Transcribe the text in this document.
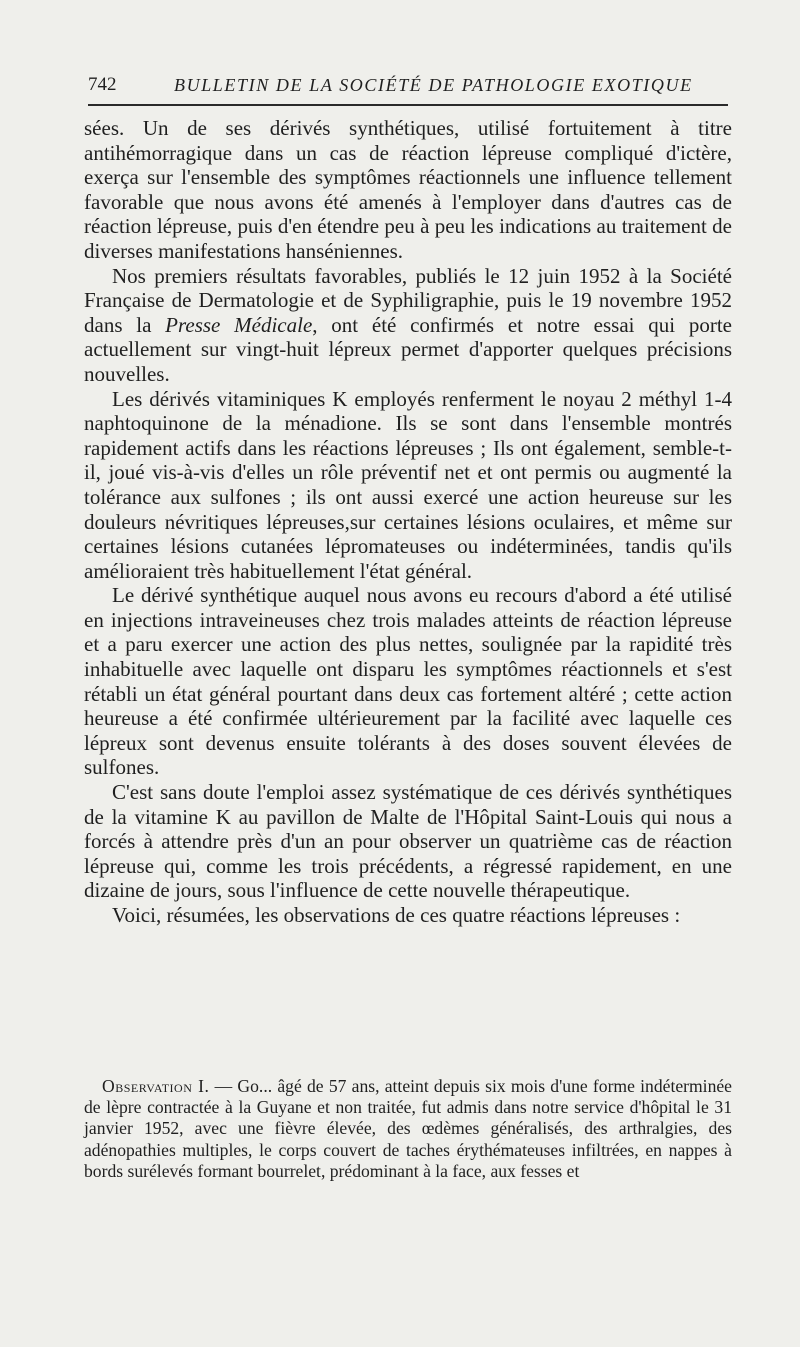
742	BULLETIN DE LA SOCIÉTÉ DE PATHOLOGIE EXOTIQUE

sées. Un de ses dérivés synthétiques, utilisé fortuitement à titre antihémorragique dans un cas de réaction lépreuse compliqué d'ictère, exerça sur l'ensemble des symptômes réactionnels une influence tellement favorable que nous avons été amenés à l'employer dans d'autres cas de réaction lépreuse, puis d'en étendre peu à peu les indications au traitement de diverses manifestations hanséniennes.

Nos premiers résultats favorables, publiés le 12 juin 1952 à la Société Française de Dermatologie et de Syphiligraphie, puis le 19 novembre 1952 dans la Presse Médicale, ont été confirmés et notre essai qui porte actuellement sur vingt-huit lépreux permet d'apporter quelques précisions nouvelles.

Les dérivés vitaminiques K employés renferment le noyau 2 méthyl 1-4 naphtoquinone de la ménadione. Ils se sont dans l'ensemble montrés rapidement actifs dans les réactions lépreuses ; Ils ont également, semble-t-il, joué vis-à-vis d'elles un rôle préventif net et ont permis ou augmenté la tolérance aux sulfones ; ils ont aussi exercé une action heureuse sur les douleurs névritiques lépreuses,sur certaines lésions oculaires, et même sur certaines lésions cutanées lépromateuses ou indéterminées, tandis qu'ils amélioraient très habituellement l'état général.

Le dérivé synthétique auquel nous avons eu recours d'abord a été utilisé en injections intraveineuses chez trois malades atteints de réaction lépreuse et a paru exercer une action des plus nettes, soulignée par la rapidité très inhabituelle avec laquelle ont disparu les symptômes réactionnels et s'est rétabli un état général pourtant dans deux cas fortement altéré ; cette action heureuse a été confirmée ultérieurement par la facilité avec laquelle ces lépreux sont devenus ensuite tolérants à des doses souvent élevées de sulfones.

C'est sans doute l'emploi assez systématique de ces dérivés synthétiques de la vitamine K au pavillon de Malte de l'Hôpital Saint-Louis qui nous a forcés à attendre près d'un an pour observer un quatrième cas de réaction lépreuse qui, comme les trois précédents, a régressé rapidement, en une dizaine de jours, sous l'influence de cette nouvelle thérapeutique.

Voici, résumées, les observations de ces quatre réactions lépreuses :

Observation I. — Go... âgé de 57 ans, atteint depuis six mois d'une forme indéterminée de lèpre contractée à la Guyane et non traitée, fut admis dans notre service d'hôpital le 31 janvier 1952, avec une fièvre élevée, des œdèmes généralisés, des arthralgies, des adénopathies multiples, le corps couvert de taches érythémateuses infiltrées, en nappes à bords surélevés formant bourrelet, prédominant à la face, aux fesses et
